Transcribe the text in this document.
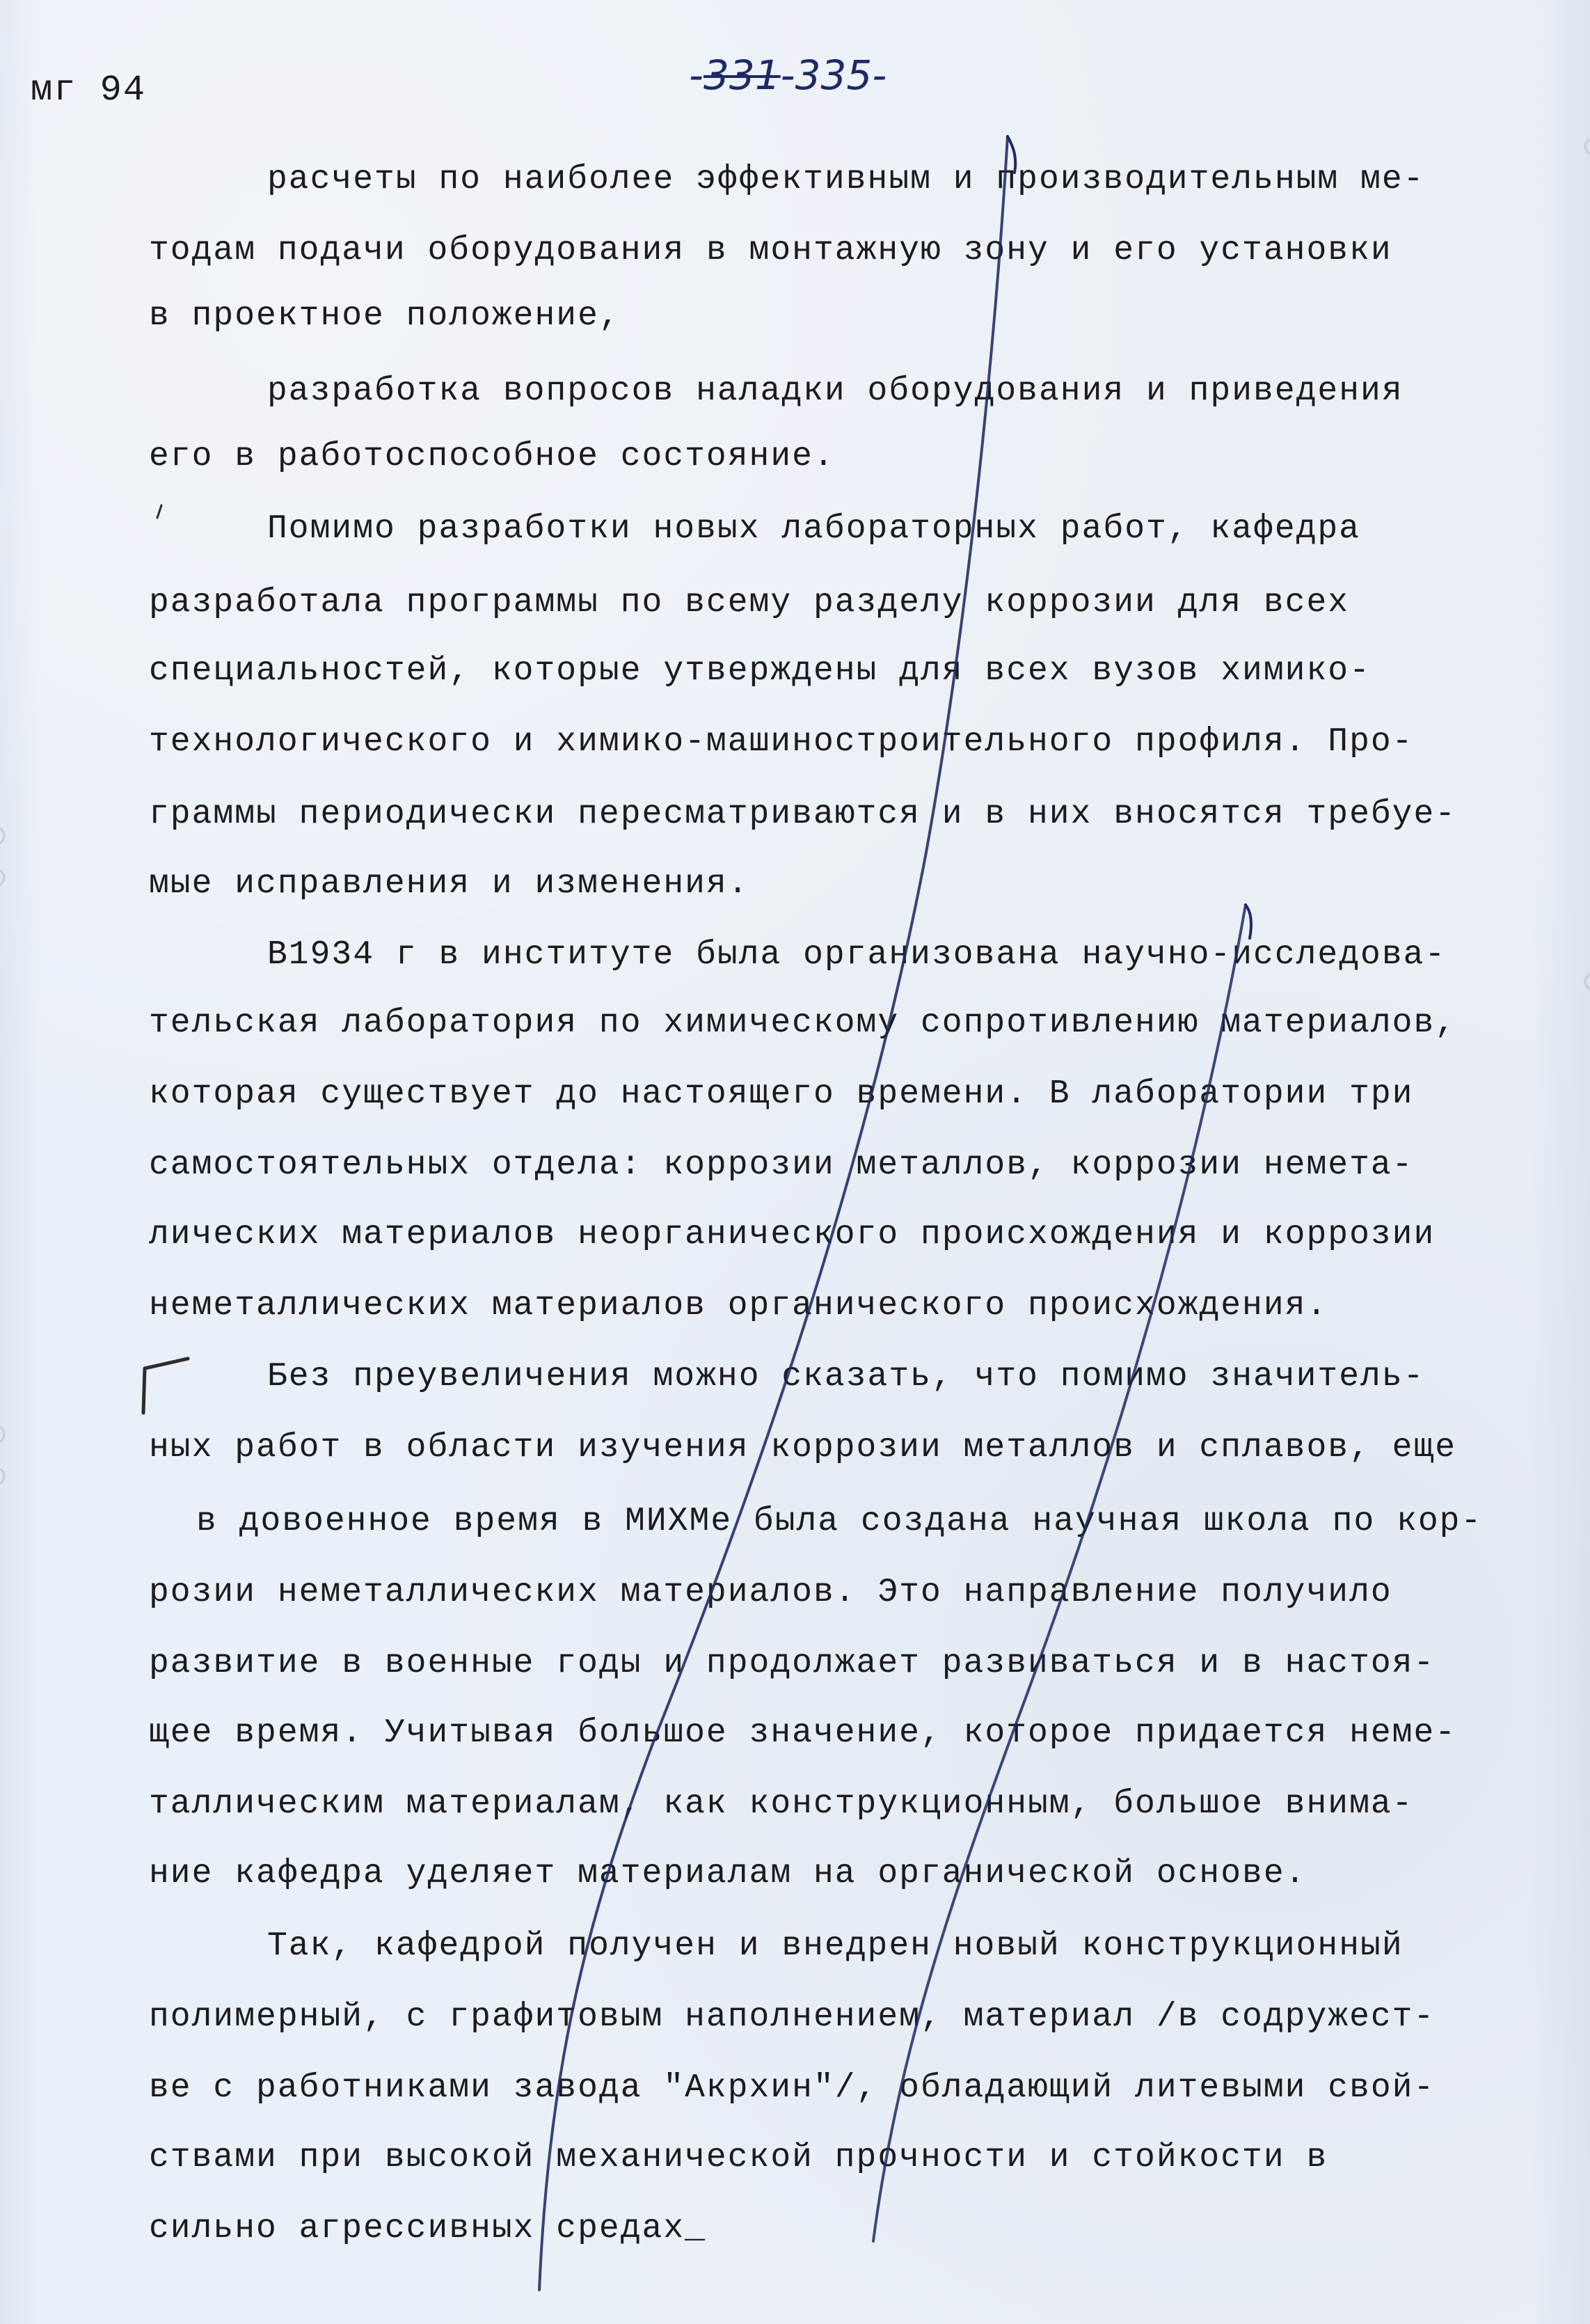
мг 94	-331-335-
расчеты по наиболее эффективным и производительным ме-
тодам подачи оборудования в монтажную зону и его установки
в проектное положение,
разработка вопросов наладки оборудования и приведения
его в работоспособное состояние.
Помимо разработки новых лабораторных работ, кафедра
разработала программы по всему разделу коррозии для всех
специальностей, которые утверждены для всех вузов химико-
технологического и химико-машиностроительного профиля. Про-
граммы периодически пересматриваются и в них вносятся требуе-
мые исправления и изменения.
В1934 г в институте была организована научно-исследова-
тельская лаборатория по химическому сопротивлению материалов,
которая существует до настоящего времени. В лаборатории три
самостоятельных отдела: коррозии металлов, коррозии немета-
лических материалов неорганического происхождения и коррозии
неметаллических материалов органического происхождения.
Без преувеличения можно сказать, что помимо значитель-
ных работ в области изучения коррозии металлов и сплавов, еще
в довоенное время в МИХМе была создана научная школа по кор-
розии неметаллических материалов. Это направление получило
развитие в военные годы и продолжает развиваться и в настоя-
щее время. Учитывая большое значение, которое придается неме-
таллическим материалам, как конструкционным, большое внима-
ние кафедра уделяет материалам на органической основе.
Так, кафедрой получен и внедрен новый конструкционный
полимерный, с графитовым наполнением, материал /в содружест-
ве с работниками завода "Акрхин"/, обладающий литевыми свой-
ствами при высокой механической прочности и стойкости в
сильно агрессивных средах_
